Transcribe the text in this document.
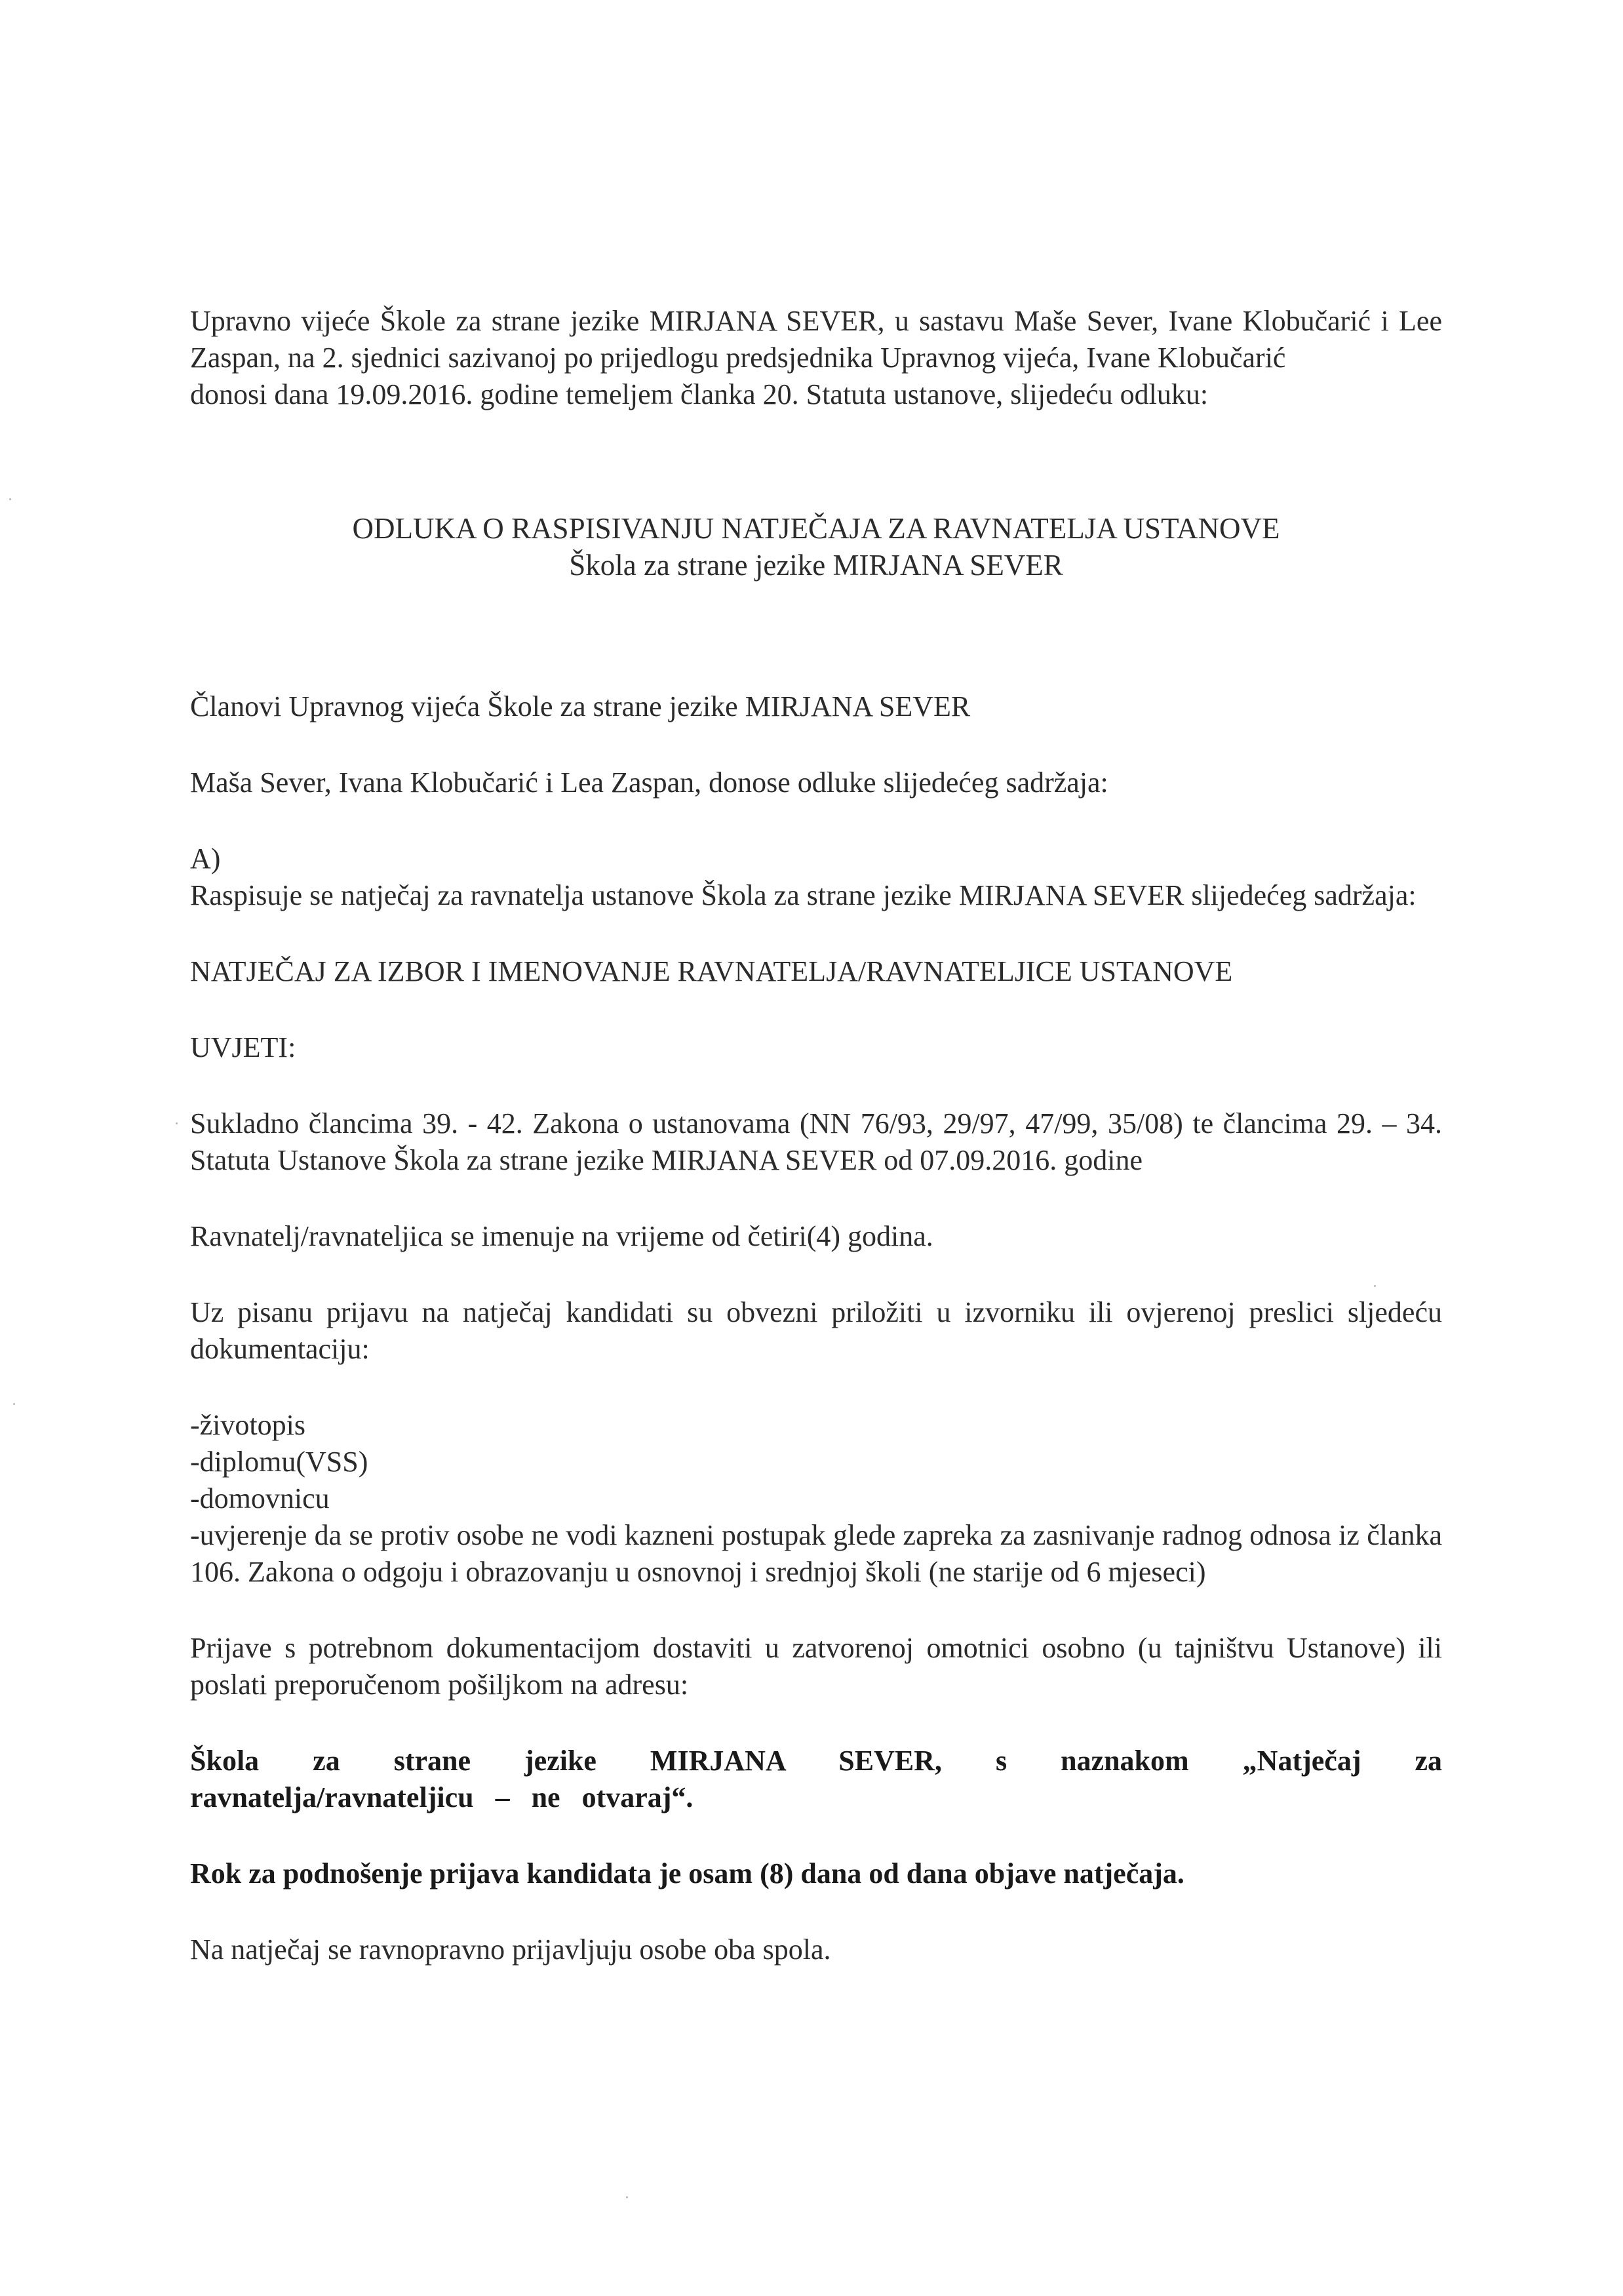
Upravno vijeće Škole za strane jezike MIRJANA SEVER, u sastavu Maše Sever, Ivane Klobučarić i Lee Zaspan, na 2. sjednici sazivanoj po prijedlogu predsjednika Upravnog vijeća, Ivane Klobučarić

donosi dana 19.09.2016. godine temeljem članka 20. Statuta ustanove, slijedeću odluku:

ODLUKA O RASPISIVANJU NATJEČAJA ZA RAVNATELJA USTANOVE

Škola za strane jezike MIRJANA SEVER

Članovi Upravnog vijeća Škole za strane jezike MIRJANA SEVER

Maša Sever, Ivana Klobučarić i Lea Zaspan, donose odluke slijedećeg sadržaja:

A)

Raspisuje se natječaj za ravnatelja ustanove Škola za strane jezike MIRJANA SEVER slijedećeg sadržaja:

NATJEČAJ ZA IZBOR I IMENOVANJE RAVNATELJA/RAVNATELJICE USTANOVE

UVJETI:

Sukladno člancima 39. - 42. Zakona o ustanovama (NN 76/93, 29/97, 47/99, 35/08) te člancima 29. – 34. Statuta Ustanove Škola za strane jezike MIRJANA SEVER od 07.09.2016. godine

Ravnatelj/ravnateljica se imenuje na vrijeme od četiri(4) godina.

Uz pisanu prijavu na natječaj kandidati su obvezni priložiti u izvorniku ili ovjerenoj preslici sljedeću dokumentaciju:

-životopis

-diplomu(VSS)

-domovnicu

-uvjerenje da se protiv osobe ne vodi kazneni postupak glede zapreka za zasnivanje radnog odnosa iz članka 106. Zakona o odgoju i obrazovanju u osnovnoj i srednjoj školi (ne starije od 6 mjeseci)

Prijave s potrebnom dokumentacijom dostaviti u zatvorenoj omotnici osobno (u tajništvu Ustanove) ili poslati preporučenom pošiljkom na adresu:

Škola za strane jezike MIRJANA SEVER, s naznakom „Natječaj za ravnatelja/ravnateljicu – ne otvaraj“.

Rok za podnošenje prijava kandidata je osam (8) dana od dana objave natječaja.

Na natječaj se ravnopravno prijavljuju osobe oba spola.
